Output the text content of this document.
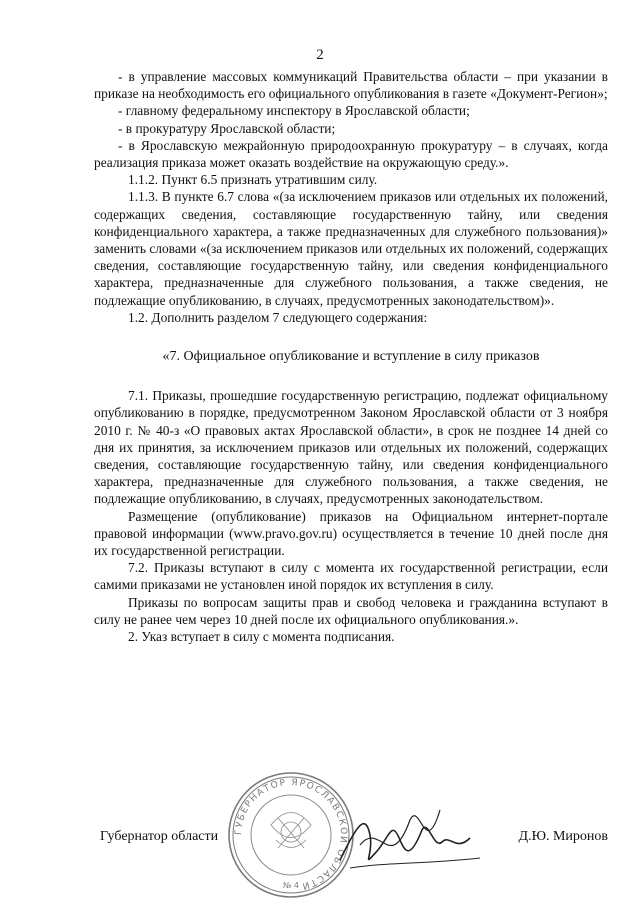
2

- в управление массовых коммуникаций Правительства области – при указании в приказе на необходимость его официального опубликования в газете «Документ-Регион»;

- главному федеральному инспектору в Ярославской области;

- в прокуратуру Ярославской области;

- в Ярославскую межрайонную природоохранную прокуратуру – в случаях, когда реализация приказа может оказать воздействие на окружающую среду.».

1.1.2. Пункт 6.5 признать утратившим силу.

1.1.3. В пункте 6.7 слова «(за исключением приказов или отдельных их положений, содержащих сведения, составляющие государственную тайну, или сведения конфиденциального характера, а также предназначенных для служебного пользования)» заменить словами «(за исключением приказов или отдельных их положений, содержащих сведения, составляющие государственную тайну, или сведения конфиденциального характера, предназначенные для служебного пользования, а также сведения, не подлежащие опубликованию, в случаях, предусмотренных законодательством)».

1.2. Дополнить разделом 7 следующего содержания:

«7. Официальное опубликование и вступление в силу приказов

7.1. Приказы, прошедшие государственную регистрацию, подлежат официальному опубликованию в порядке, предусмотренном Законом Ярославской области от 3 ноября 2010 г. № 40-з «О правовых актах Ярославской области», в срок не позднее 14 дней со дня их принятия, за исключением приказов или отдельных их положений, содержащих сведения, составляющие государственную тайну, или сведения конфиденциального характера, предназначенные для служебного пользования, а также сведения, не подлежащие опубликованию, в случаях, предусмотренных законодательством.

Размещение (опубликование) приказов на Официальном интернет-портале правовой информации (www.pravo.gov.ru) осуществляется в течение 10 дней после дня их государственной регистрации.

7.2. Приказы вступают в силу с момента их государственной регистрации, если самими приказами не установлен иной порядок их вступления в силу.

Приказы по вопросам защиты прав и свобод человека и гражданина вступают в силу не ранее чем через 10 дней после их официального опубликования.».

2. Указ вступает в силу с момента подписания.

ГУБЕРНАТОР ЯРОСЛАВСКОЙ ОБЛАСТИ
№ 4
Губернатор области	Д.Ю. Миронов
